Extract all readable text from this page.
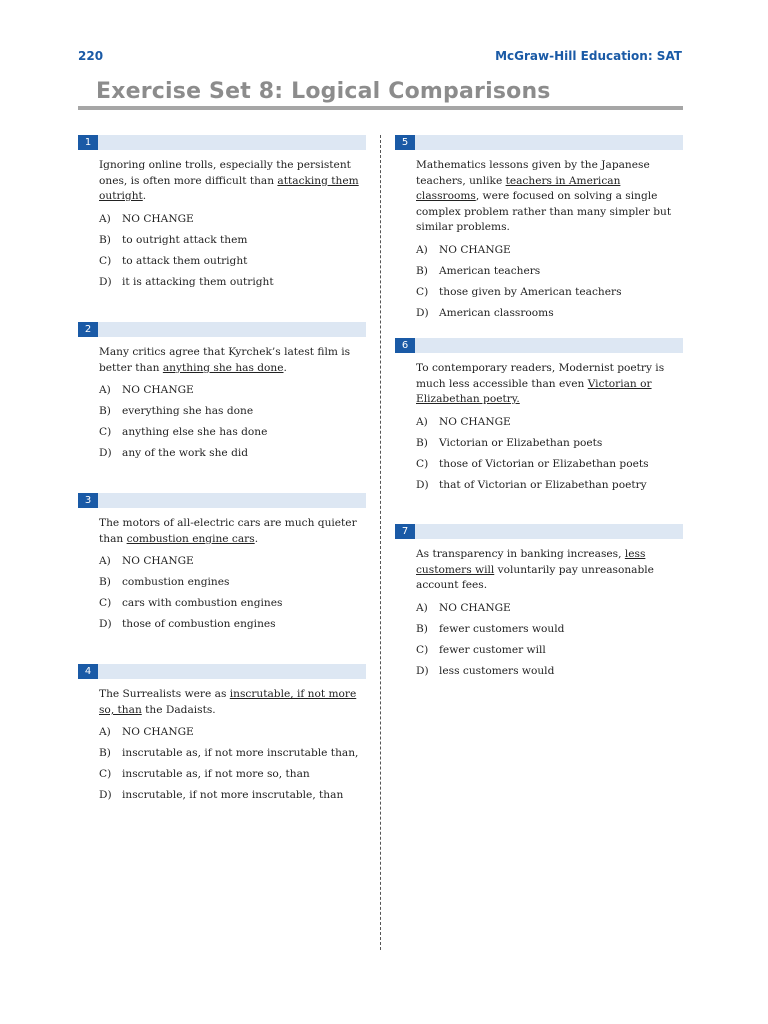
220	McGraw-Hill Education: SAT
Exercise Set 8: Logical Comparisons
1
Ignoring online trolls, especially the persistent ones, is often more difficult than attacking them outright.
A) NO CHANGE
B) to outright attack them
C) to attack them outright
D) it is attacking them outright
2
Many critics agree that Kyrchek’s latest film is better than anything she has done.
A) NO CHANGE
B) everything she has done
C) anything else she has done
D) any of the work she did
3
The motors of all-electric cars are much quieter than combustion engine cars.
A) NO CHANGE
B) combustion engines
C) cars with combustion engines
D) those of combustion engines
4
The Surrealists were as inscrutable, if not more so, than the Dadaists.
A) NO CHANGE
B) inscrutable as, if not more inscrutable than,
C) inscrutable as, if not more so, than
D) inscrutable, if not more inscrutable, than
5
Mathematics lessons given by the Japanese teachers, unlike teachers in American classrooms, were focused on solving a single complex problem rather than many simpler but similar problems.
A) NO CHANGE
B) American teachers
C) those given by American teachers
D) American classrooms
6
To contemporary readers, Modernist poetry is much less accessible than even Victorian or Elizabethan poetry.
A) NO CHANGE
B) Victorian or Elizabethan poets
C) those of Victorian or Elizabethan poets
D) that of Victorian or Elizabethan poetry
7
As transparency in banking increases, less customers will voluntarily pay unreasonable account fees.
A) NO CHANGE
B) fewer customers would
C) fewer customer will
D) less customers would
